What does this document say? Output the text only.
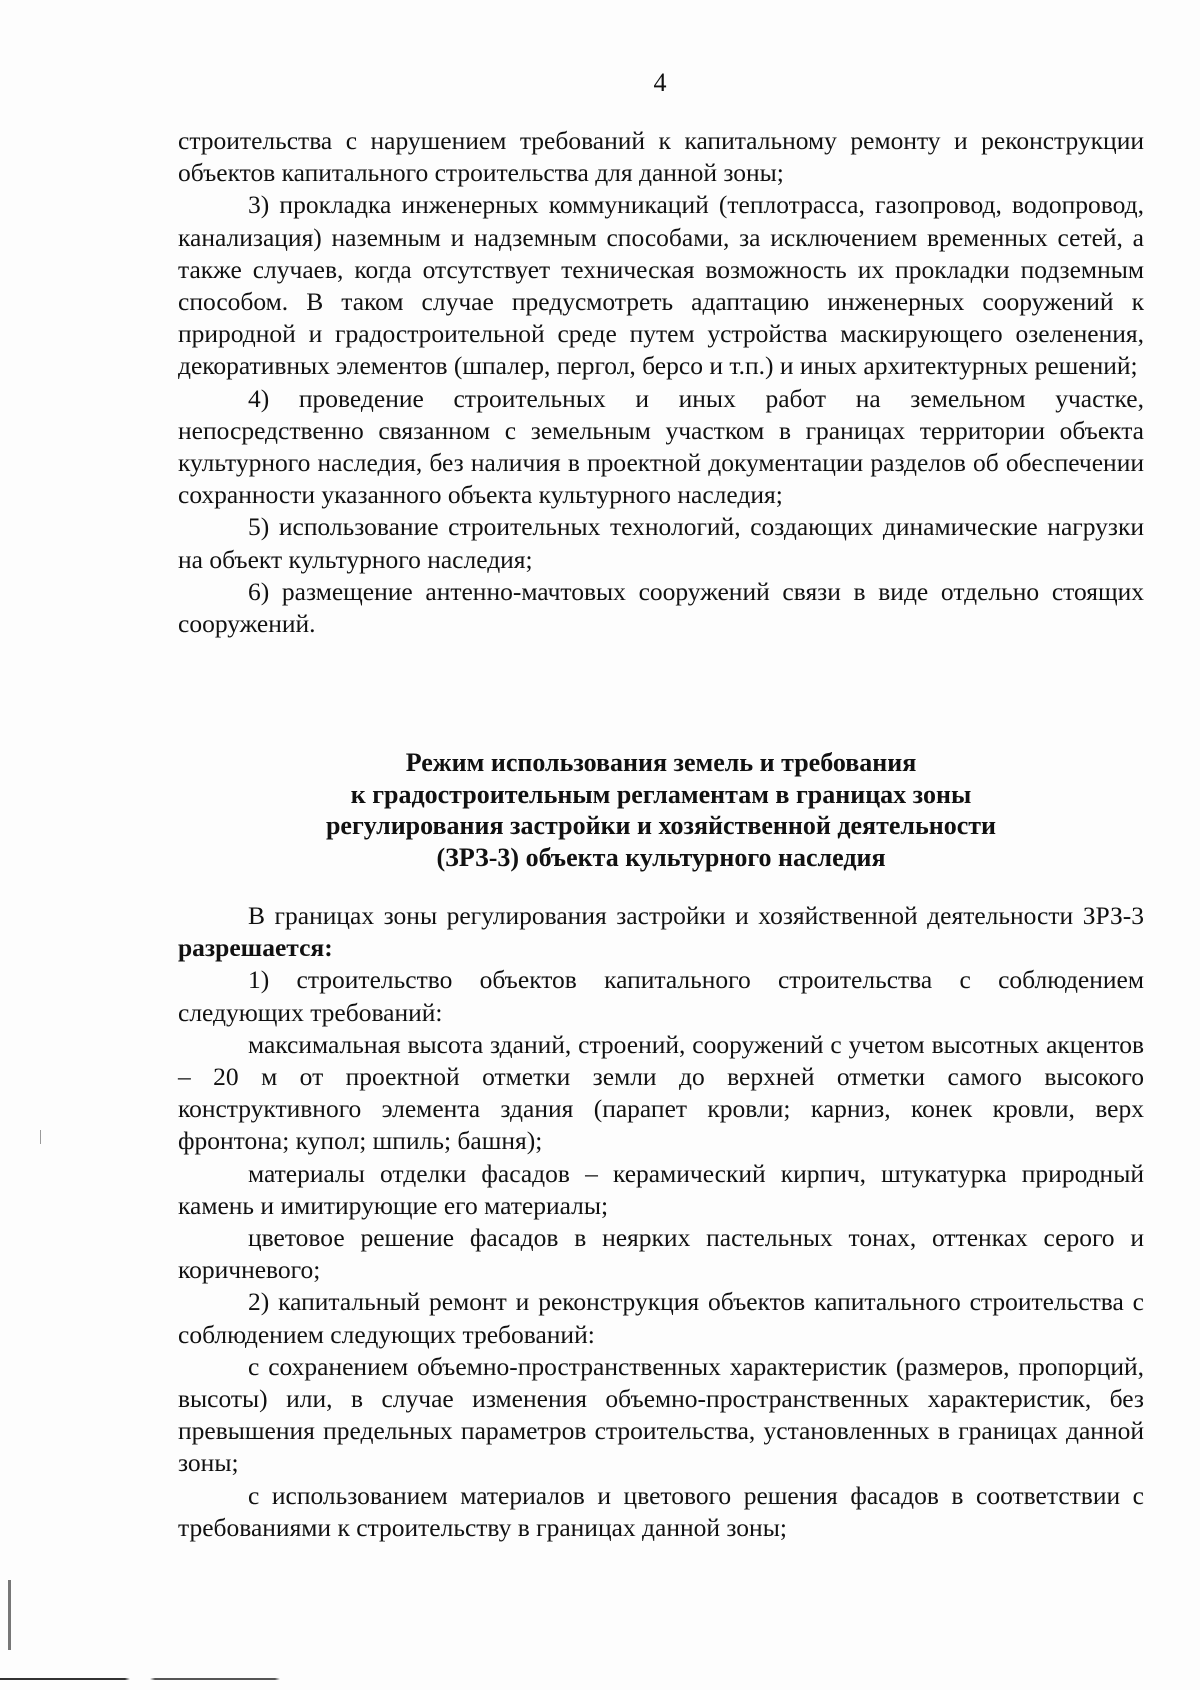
4

строительства с нарушением требований к капитальному ремонту и реконструкции объектов капитального строительства для данной зоны;

3) прокладка инженерных коммуникаций (теплотрасса, газопровод, водопровод, канализация) наземным и надземным способами, за исключением временных сетей, а также случаев, когда отсутствует техническая возможность их прокладки подземным способом. В таком случае предусмотреть адаптацию инженерных сооружений к природной и градостроительной среде путем устройства маскирующего озеленения, декоративных элементов (шпалер, пергол, берсо и т.п.) и иных архитектурных решений;

4) проведение строительных и иных работ на земельном участке, непосредственно связанном с земельным участком в границах территории объекта культурного наследия, без наличия в проектной документации разделов об обеспечении сохранности указанного объекта культурного наследия;

5) использование строительных технологий, создающих динамические нагрузки на объект культурного наследия;

6) размещение антенно-мачтовых сооружений связи в виде отдельно стоящих сооружений.

Режим использования земель и требования
к градостроительным регламентам в границах зоны
регулирования застройки и хозяйственной деятельности
(ЗРЗ-3) объекта культурного наследия

В границах зоны регулирования застройки и хозяйственной деятельности ЗРЗ-3 разрешается:

1) строительство объектов капитального строительства с соблюдением следующих требований:

максимальная высота зданий, строений, сооружений с учетом высотных акцентов – 20 м от проектной отметки земли до верхней отметки самого высокого конструктивного элемента здания (парапет кровли; карниз, конек кровли, верх фронтона; купол; шпиль; башня);

материалы отделки фасадов – керамический кирпич, штукатурка природный камень и имитирующие его материалы;

цветовое решение фасадов в неярких пастельных тонах, оттенках серого и коричневого;

2) капитальный ремонт и реконструкция объектов капитального строительства с соблюдением следующих требований:

с сохранением объемно-пространственных характеристик (размеров, пропорций, высоты) или, в случае изменения объемно-пространственных характеристик, без превышения предельных параметров строительства, установленных в границах данной зоны;

с использованием материалов и цветового решения фасадов в соответствии с требованиями к строительству в границах данной зоны;
